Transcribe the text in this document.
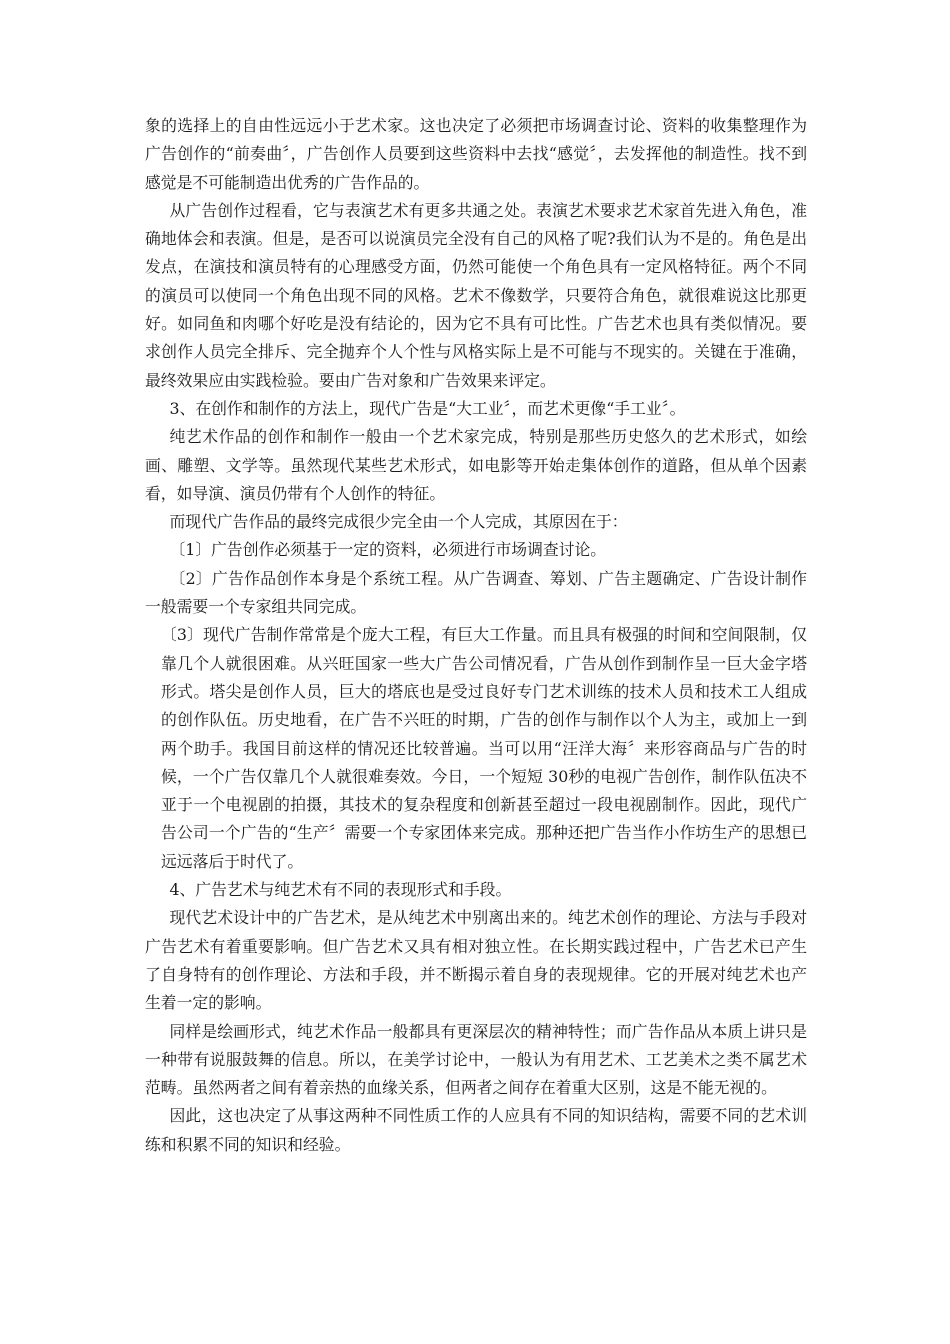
象的选择上的自由性远远小于艺术家。这也决定了必须把市场调查讨论、资料的收集整理作为广告创作的“前奏曲〞，广告创作人员要到这些资料中去找“感觉〞，去发挥他的制造性。找不到感觉是不可能制造出优秀的广告作品的。

从广告创作过程看，它与表演艺术有更多共通之处。表演艺术要求艺术家首先进入角色，准确地体会和表演。但是，是否可以说演员完全没有自己的风格了呢?我们认为不是的。角色是出发点，在演技和演员特有的心理感受方面，仍然可能使一个角色具有一定风格特征。两个不同的演员可以使同一个角色出现不同的风格。艺术不像数学，只要符合角色，就很难说这比那更好。如同鱼和肉哪个好吃是没有结论的，因为它不具有可比性。广告艺术也具有类似情况。要求创作人员完全排斥、完全抛弃个人个性与风格实际上是不可能与不现实的。关键在于准确，最终效果应由实践检验。要由广告对象和广告效果来评定。

3、在创作和制作的方法上，现代广告是“大工业〞，而艺术更像“手工业〞。

纯艺术作品的创作和制作一般由一个艺术家完成，特别是那些历史悠久的艺术形式，如绘画、雕塑、文学等。虽然现代某些艺术形式，如电影等开始走集体创作的道路，但从单个因素看，如导演、演员仍带有个人创作的特征。

而现代广告作品的最终完成很少完全由一个人完成，其原因在于：

〔1〕广告创作必须基于一定的资料，必须进行市场调查讨论。

〔2〕广告作品创作本身是个系统工程。从广告调查、筹划、广告主题确定、广告设计制作一般需要一个专家组共同完成。

〔3〕现代广告制作常常是个庞大工程，有巨大工作量。而且具有极强的时间和空间限制，仅靠几个人就很困难。从兴旺国家一些大广告公司情况看，广告从创作到制作呈一巨大金字塔形式。塔尖是创作人员，巨大的塔底也是受过良好专门艺术训练的技术人员和技术工人组成的创作队伍。历史地看，在广告不兴旺的时期，广告的创作与制作以个人为主，或加上一到两个助手。我国目前这样的情况还比较普遍。当可以用“汪洋大海〞来形容商品与广告的时候，一个广告仅靠几个人就很难奏效。今日，一个短短 30秒的电视广告创作，制作队伍决不亚于一个电视剧的拍摄，其技术的复杂程度和创新甚至超过一段电视剧制作。因此，现代广告公司一个广告的“生产〞需要一个专家团体来完成。那种还把广告当作小作坊生产的思想已远远落后于时代了。

4、广告艺术与纯艺术有不同的表现形式和手段。

现代艺术设计中的广告艺术，是从纯艺术中别离出来的。纯艺术创作的理论、方法与手段对广告艺术有着重要影响。但广告艺术又具有相对独立性。在长期实践过程中，广告艺术已产生了自身特有的创作理论、方法和手段，并不断揭示着自身的表现规律。它的开展对纯艺术也产生着一定的影响。

同样是绘画形式，纯艺术作品一般都具有更深层次的精神特性；而广告作品从本质上讲只是一种带有说服鼓舞的信息。所以，在美学讨论中，一般认为有用艺术、工艺美术之类不属艺术范畴。虽然两者之间有着亲热的血缘关系，但两者之间存在着重大区别，这是不能无视的。

因此，这也决定了从事这两种不同性质工作的人应具有不同的知识结构，需要不同的艺术训练和积累不同的知识和经验。
